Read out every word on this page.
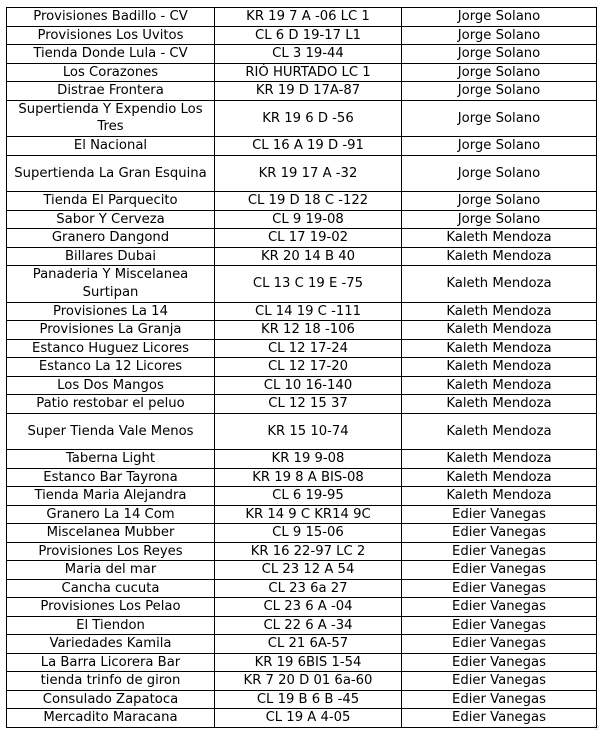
Provisiones Badillo - CV	KR 19 7 A -06 LC 1	Jorge Solano
Provisiones Los Uvitos	CL 6 D 19-17 L1	Jorge Solano
Tienda Donde Lula - CV	CL 3 19-44	Jorge Solano
Los Corazones	RIÓ HURTADO LC 1	Jorge Solano
Distrae Frontera	KR 19 D 17A-87	Jorge Solano
Supertienda Y Expendio Los Tres	KR 19 6 D -56	Jorge Solano
El Nacional	CL 16 A 19 D -91	Jorge Solano
Supertienda La Gran Esquina	KR 19 17 A -32	Jorge Solano
Tienda El Parquecito	CL 19 D 18 C -122	Jorge Solano
Sabor Y Cerveza	CL 9 19-08	Jorge Solano
Granero Dangond	CL 17 19-02	Kaleth Mendoza
Billares Dubai	KR 20 14 B 40	Kaleth Mendoza
Panaderia Y Miscelanea Surtipan	CL 13 C 19 E -75	Kaleth Mendoza
Provisiones La 14	CL 14 19 C -111	Kaleth Mendoza
Provisiones La Granja	KR 12 18 -106	Kaleth Mendoza
Estanco Huguez Licores	CL 12 17-24	Kaleth Mendoza
Estanco La 12 Licores	CL 12 17-20	Kaleth Mendoza
Los Dos Mangos	CL 10 16-140	Kaleth Mendoza
Patio restobar el peluo	CL 12 15 37	Kaleth Mendoza
Super Tienda Vale Menos	KR 15 10-74	Kaleth Mendoza
Taberna Light	KR 19 9-08	Kaleth Mendoza
Estanco Bar Tayrona	KR 19 8 A BIS-08	Kaleth Mendoza
Tienda Maria Alejandra	CL 6 19-95	Kaleth Mendoza
Granero La 14 Com	KR 14 9 C KR14 9C	Edier Vanegas
Miscelanea Mubber	CL 9 15-06	Edier Vanegas
Provisiones Los Reyes	KR 16 22-97 LC 2	Edier Vanegas
Maria del mar	CL 23 12 A 54	Edier Vanegas
Cancha cucuta	CL 23 6a 27	Edier Vanegas
Provisiones Los Pelao	CL 23 6 A -04	Edier Vanegas
El Tiendon	CL 22 6 A -34	Edier Vanegas
Variedades Kamila	CL 21 6A-57	Edier Vanegas
La Barra Licorera Bar	KR 19 6BIS 1-54	Edier Vanegas
tienda trinfo de giron	KR 7 20 D 01 6a-60	Edier Vanegas
Consulado Zapatoca	CL 19 B 6 B -45	Edier Vanegas
Mercadito Maracana	CL 19 A 4-05	Edier Vanegas
○
